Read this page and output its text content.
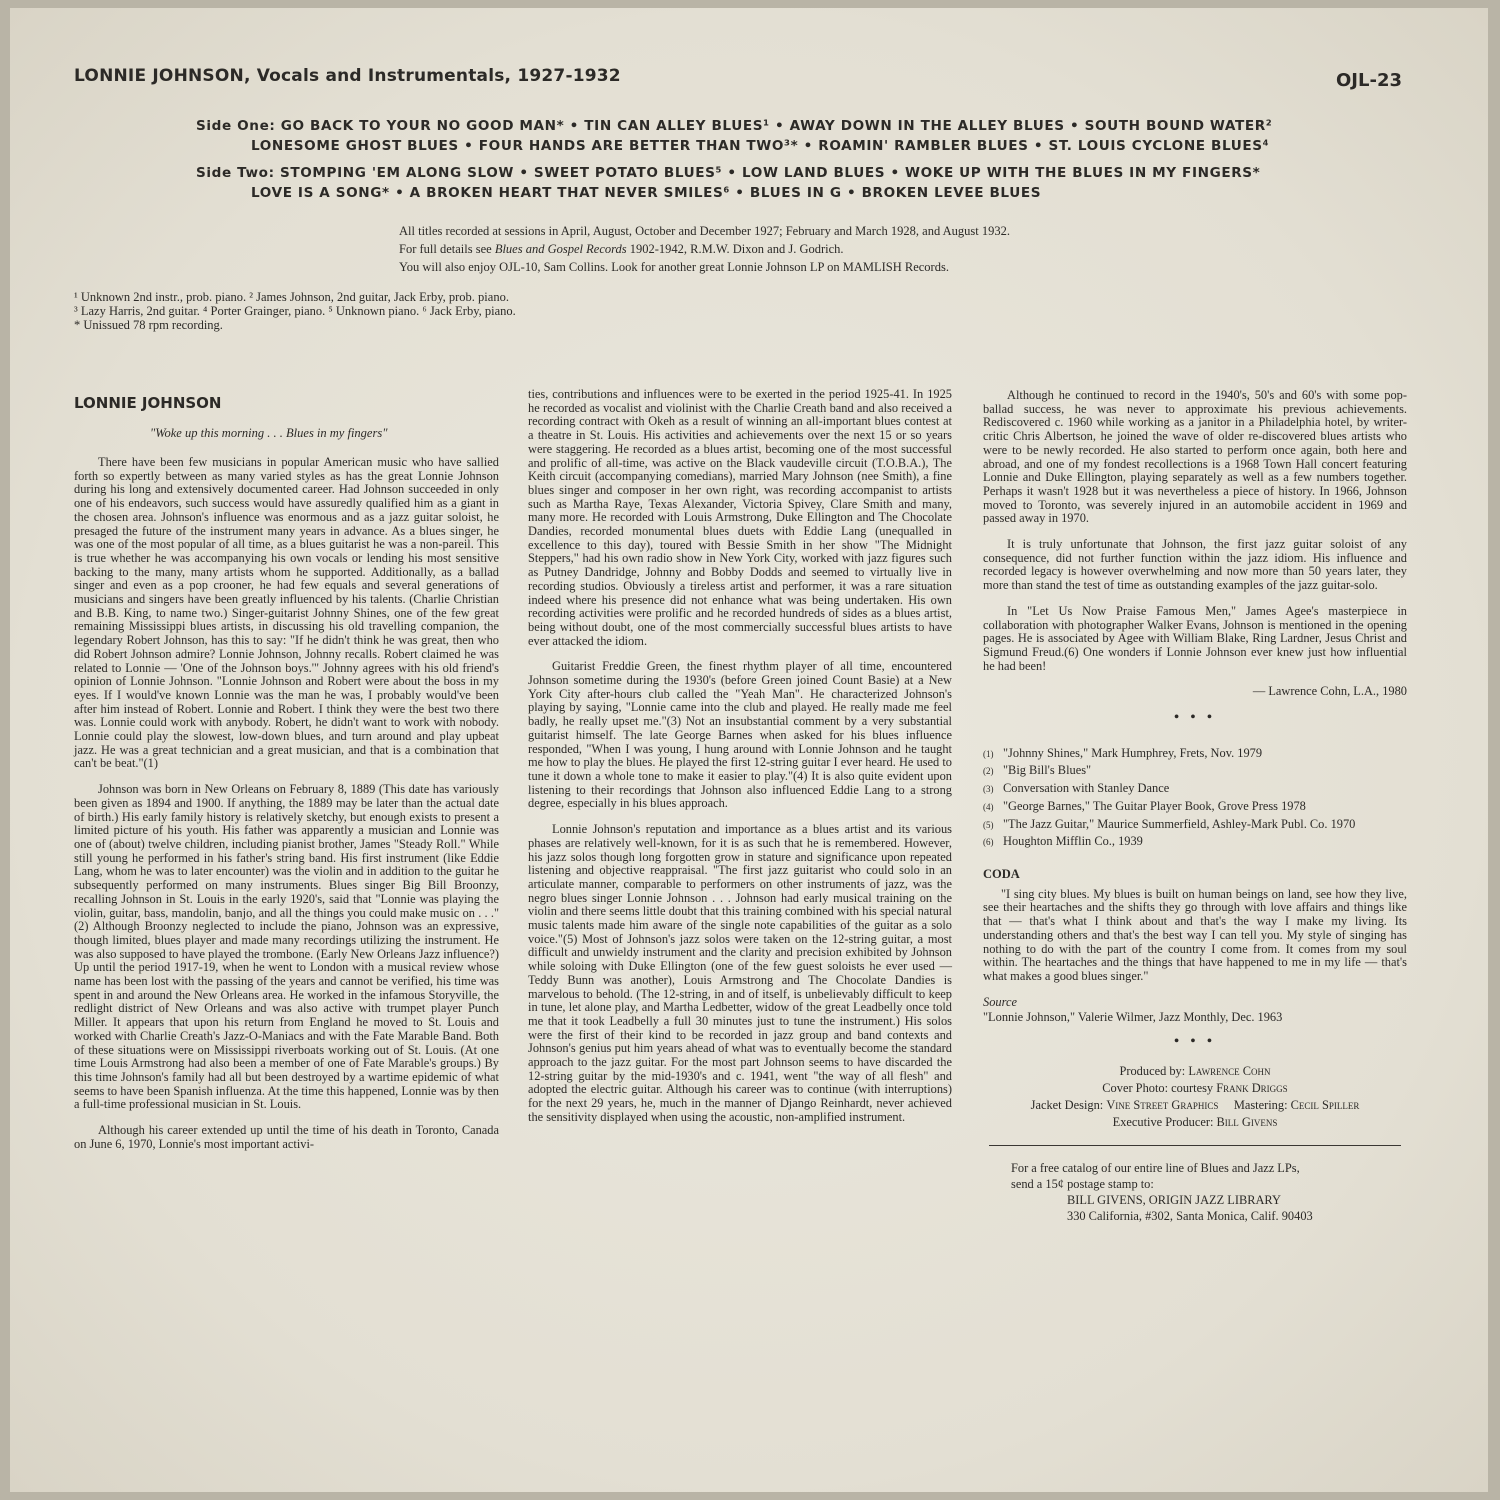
LONNIE JOHNSON, Vocals and Instrumentals, 1927-1932	OJL-23
Side One: GO BACK TO YOUR NO GOOD MAN* • TIN CAN ALLEY BLUES¹ • AWAY DOWN IN THE ALLEY BLUES • SOUTH BOUND WATER²
LONESOME GHOST BLUES • FOUR HANDS ARE BETTER THAN TWO³* • ROAMIN' RAMBLER BLUES • ST. LOUIS CYCLONE BLUES⁴
Side Two: STOMPING 'EM ALONG SLOW • SWEET POTATO BLUES⁵ • LOW LAND BLUES • WOKE UP WITH THE BLUES IN MY FINGERS*
LOVE IS A SONG* • A BROKEN HEART THAT NEVER SMILES⁶ • BLUES IN G • BROKEN LEVEE BLUES
All titles recorded at sessions in April, August, October and December 1927; February and March 1928, and August 1932.
For full details see Blues and Gospel Records 1902-1942, R.M.W. Dixon and J. Godrich.
You will also enjoy OJL-10, Sam Collins. Look for another great Lonnie Johnson LP on MAMLISH Records.
¹ Unknown 2nd instr., prob. piano. ² James Johnson, 2nd guitar, Jack Erby, prob. piano.
³ Lazy Harris, 2nd guitar. ⁴ Porter Grainger, piano. ⁵ Unknown piano. ⁶ Jack Erby, piano.
* Unissued 78 rpm recording.
LONNIE JOHNSON
"Woke up this morning . . . Blues in my fingers"

There have been few musicians in popular American music who have sallied forth so expertly between as many varied styles as has the great Lonnie Johnson during his long and extensively documented career. Had Johnson succeeded in only one of his endeavors, such success would have assuredly qualified him as a giant in the chosen area. Johnson's influence was enormous and as a jazz guitar soloist, he presaged the future of the instrument many years in advance. As a blues singer, he was one of the most popular of all time, as a blues guitarist he was a non-pareil. This is true whether he was accompanying his own vocals or lending his most sensitive backing to the many, many artists whom he supported. Additionally, as a ballad singer and even as a pop crooner, he had few equals and several generations of musicians and singers have been greatly influenced by his talents. (Charlie Christian and B.B. King, to name two.) Singer-guitarist Johnny Shines, one of the few great remaining Mississippi blues artists, in discussing his old travelling companion, the legendary Robert Johnson, has this to say: "If he didn't think he was great, then who did Robert Johnson admire? Lonnie Johnson, Johnny recalls. Robert claimed he was related to Lonnie — 'One of the Johnson boys.'" Johnny agrees with his old friend's opinion of Lonnie Johnson. "Lonnie Johnson and Robert were about the boss in my eyes. If I would've known Lonnie was the man he was, I probably would've been after him instead of Robert. Lonnie and Robert. I think they were the best two there was. Lonnie could work with anybody. Robert, he didn't want to work with nobody. Lonnie could play the slowest, low-down blues, and turn around and play upbeat jazz. He was a great technician and a great musician, and that is a combination that can't be beat."(1)

Johnson was born in New Orleans on February 8, 1889 (This date has variously been given as 1894 and 1900. If anything, the 1889 may be later than the actual date of birth.) His early family history is relatively sketchy, but enough exists to present a limited picture of his youth. His father was apparently a musician and Lonnie was one of (about) twelve children, including pianist brother, James "Steady Roll." While still young he performed in his father's string band. His first instrument (like Eddie Lang, whom he was to later encounter) was the violin and in addition to the guitar he subsequently performed on many instruments. Blues singer Big Bill Broonzy, recalling Johnson in St. Louis in the early 1920's, said that "Lonnie was playing the violin, guitar, bass, mandolin, banjo, and all the things you could make music on . . ."(2) Although Broonzy neglected to include the piano, Johnson was an expressive, though limited, blues player and made many recordings utilizing the instrument. He was also supposed to have played the trombone. (Early New Orleans Jazz influence?) Up until the period 1917-19, when he went to London with a musical review whose name has been lost with the passing of the years and cannot be verified, his time was spent in and around the New Orleans area. He worked in the infamous Storyville, the redlight district of New Orleans and was also active with trumpet player Punch Miller. It appears that upon his return from England he moved to St. Louis and worked with Charlie Creath's Jazz-O-Maniacs and with the Fate Marable Band. Both of these situations were on Mississippi riverboats working out of St. Louis. (At one time Louis Armstrong had also been a member of one of Fate Marable's groups.) By this time Johnson's family had all but been destroyed by a wartime epidemic of what seems to have been Spanish influenza. At the time this happened, Lonnie was by then a full-time professional musician in St. Louis.

Although his career extended up until the time of his death in Toronto, Canada on June 6, 1970, Lonnie's most important activi-

ties, contributions and influences were to be exerted in the period 1925-41. In 1925 he recorded as vocalist and violinist with the Charlie Creath band and also received a recording contract with Okeh as a result of winning an all-important blues contest at a theatre in St. Louis. His activities and achievements over the next 15 or so years were staggering. He recorded as a blues artist, becoming one of the most successful and prolific of all-time, was active on the Black vaudeville circuit (T.O.B.A.), The Keith circuit (accompanying comedians), married Mary Johnson (nee Smith), a fine blues singer and composer in her own right, was recording accompanist to artists such as Martha Raye, Texas Alexander, Victoria Spivey, Clare Smith and many, many more. He recorded with Louis Armstrong, Duke Ellington and The Chocolate Dandies, recorded monumental blues duets with Eddie Lang (unequalled in excellence to this day), toured with Bessie Smith in her show "The Midnight Steppers," had his own radio show in New York City, worked with jazz figures such as Putney Dandridge, Johnny and Bobby Dodds and seemed to virtually live in recording studios. Obviously a tireless artist and performer, it was a rare situation indeed where his presence did not enhance what was being undertaken. His own recording activities were prolific and he recorded hundreds of sides as a blues artist, being without doubt, one of the most commercially successful blues artists to have ever attacked the idiom.

Guitarist Freddie Green, the finest rhythm player of all time, encountered Johnson sometime during the 1930's (before Green joined Count Basie) at a New York City after-hours club called the "Yeah Man". He characterized Johnson's playing by saying, "Lonnie came into the club and played. He really made me feel badly, he really upset me."(3) Not an insubstantial comment by a very substantial guitarist himself. The late George Barnes when asked for his blues influence responded, "When I was young, I hung around with Lonnie Johnson and he taught me how to play the blues. He played the first 12-string guitar I ever heard. He used to tune it down a whole tone to make it easier to play."(4) It is also quite evident upon listening to their recordings that Johnson also influenced Eddie Lang to a strong degree, especially in his blues approach.

Lonnie Johnson's reputation and importance as a blues artist and its various phases are relatively well-known, for it is as such that he is remembered. However, his jazz solos though long forgotten grow in stature and significance upon repeated listening and objective reappraisal. "The first jazz guitarist who could solo in an articulate manner, comparable to performers on other instruments of jazz, was the negro blues singer Lonnie Johnson . . . Johnson had early musical training on the violin and there seems little doubt that this training combined with his special natural music talents made him aware of the single note capabilities of the guitar as a solo voice."(5) Most of Johnson's jazz solos were taken on the 12-string guitar, a most difficult and unwieldy instrument and the clarity and precision exhibited by Johnson while soloing with Duke Ellington (one of the few guest soloists he ever used — Teddy Bunn was another), Louis Armstrong and The Chocolate Dandies is marvelous to behold. (The 12-string, in and of itself, is unbelievably difficult to keep in tune, let alone play, and Martha Ledbetter, widow of the great Leadbelly once told me that it took Leadbelly a full 30 minutes just to tune the instrument.) His solos were the first of their kind to be recorded in jazz group and band contexts and Johnson's genius put him years ahead of what was to eventually become the standard approach to the jazz guitar. For the most part Johnson seems to have discarded the 12-string guitar by the mid-1930's and c. 1941, went "the way of all flesh" and adopted the electric guitar. Although his career was to continue (with interruptions) for the next 29 years, he, much in the manner of Django Reinhardt, never achieved the sensitivity displayed when using the acoustic, non-amplified instrument.

Although he continued to record in the 1940's, 50's and 60's with some pop-ballad success, he was never to approximate his previous achievements. Rediscovered c. 1960 while working as a janitor in a Philadelphia hotel, by writer-critic Chris Albertson, he joined the wave of older re-discovered blues artists who were to be newly recorded. He also started to perform once again, both here and abroad, and one of my fondest recollections is a 1968 Town Hall concert featuring Lonnie and Duke Ellington, playing separately as well as a few numbers together. Perhaps it wasn't 1928 but it was nevertheless a piece of history. In 1966, Johnson moved to Toronto, was severely injured in an automobile accident in 1969 and passed away in 1970.

It is truly unfortunate that Johnson, the first jazz guitar soloist of any consequence, did not further function within the jazz idiom. His influence and recorded legacy is however overwhelming and now more than 50 years later, they more than stand the test of time as outstanding examples of the jazz guitar-solo.

In "Let Us Now Praise Famous Men," James Agee's masterpiece in collaboration with photographer Walker Evans, Johnson is mentioned in the opening pages. He is associated by Agee with William Blake, Ring Lardner, Jesus Christ and Sigmund Freud.(6) One wonders if Lonnie Johnson ever knew just how influential he had been!

— Lawrence Cohn, L.A., 1980

• • •
(1) "Johnny Shines," Mark Humphrey, Frets, Nov. 1979
(2) "Big Bill's Blues"
(3) Conversation with Stanley Dance
(4) "George Barnes," The Guitar Player Book, Grove Press 1978
(5) "The Jazz Guitar," Maurice Summerfield, Ashley-Mark Publ. Co. 1970
(6) Houghton Mifflin Co., 1939
CODA

"I sing city blues. My blues is built on human beings on land, see how they live, see their heartaches and the shifts they go through with love affairs and things like that — that's what I think about and that's the way I make my living. Its understanding others and that's the best way I can tell you. My style of singing has nothing to do with the part of the country I come from. It comes from my soul within. The heartaches and the things that have happened to me in my life — that's what makes a good blues singer."

Source
"Lonnie Johnson," Valerie Wilmer, Jazz Monthly, Dec. 1963
• • •
Produced by: Lawrence Cohn
Cover Photo: courtesy Frank Driggs
Jacket Design: Vine Street Graphics Mastering: Cecil Spiller
Executive Producer: Bill Givens
For a free catalog of our entire line of Blues and Jazz LPs,
send a 15¢ postage stamp to:
BILL GIVENS, ORIGIN JAZZ LIBRARY
330 California, #302, Santa Monica, Calif. 90403
